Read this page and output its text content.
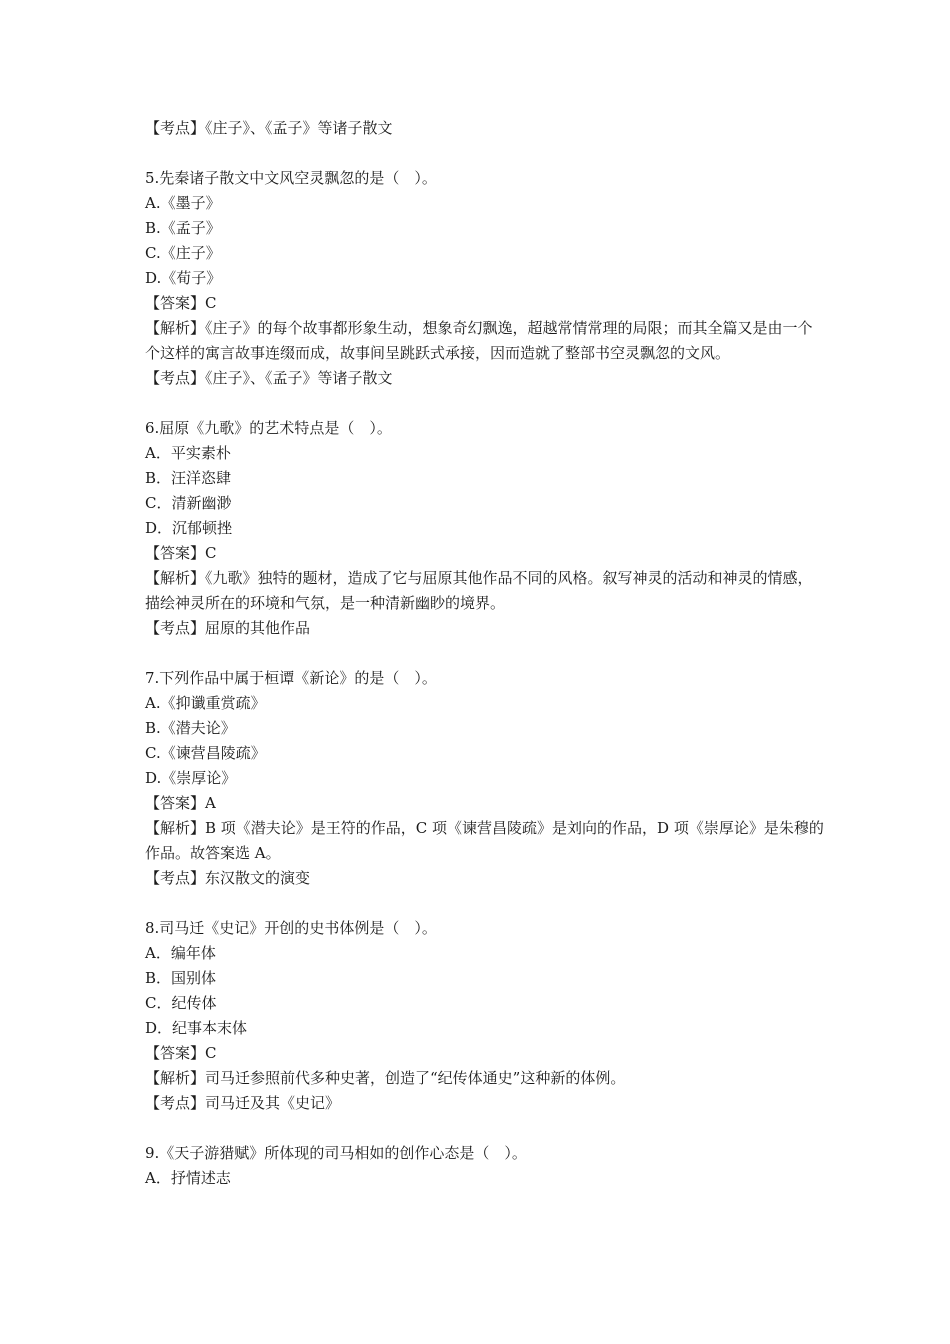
【考点】《庄子》、《孟子》等诸子散文
5.先秦诸子散文中文风空灵飘忽的是（　）。
A.《墨子》
B.《孟子》
C.《庄子》
D.《荀子》
【答案】C
【解析】《庄子》的每个故事都形象生动，想象奇幻飘逸，超越常情常理的局限；而其全篇又是由一个个这样的寓言故事连缀而成，故事间呈跳跃式承接，因而造就了整部书空灵飘忽的文风。
【考点】《庄子》、《孟子》等诸子散文
6.屈原《九歌》的艺术特点是（　）。
A．平实素朴
B．汪洋恣肆
C．清新幽渺
D．沉郁顿挫
【答案】C
【解析】《九歌》独特的题材，造成了它与屈原其他作品不同的风格。叙写神灵的活动和神灵的情感，描绘神灵所在的环境和气氛，是一种清新幽眇的境界。
【考点】屈原的其他作品
7.下列作品中属于桓谭《新论》的是（　）。
A.《抑谶重赏疏》
B.《潜夫论》
C.《谏营昌陵疏》
D.《崇厚论》
【答案】A
【解析】B 项《潜夫论》是王符的作品，C 项《谏营昌陵疏》是刘向的作品，D 项《崇厚论》是朱穆的作品。故答案选 A。
【考点】东汉散文的演变
8.司马迁《史记》开创的史书体例是（　）。
A．编年体
B．国别体
C．纪传体
D．纪事本末体
【答案】C
【解析】司马迁参照前代多种史著，创造了“纪传体通史”这种新的体例。
【考点】司马迁及其《史记》
9.《天子游猎赋》所体现的司马相如的创作心态是（　）。
A．抒情述志
